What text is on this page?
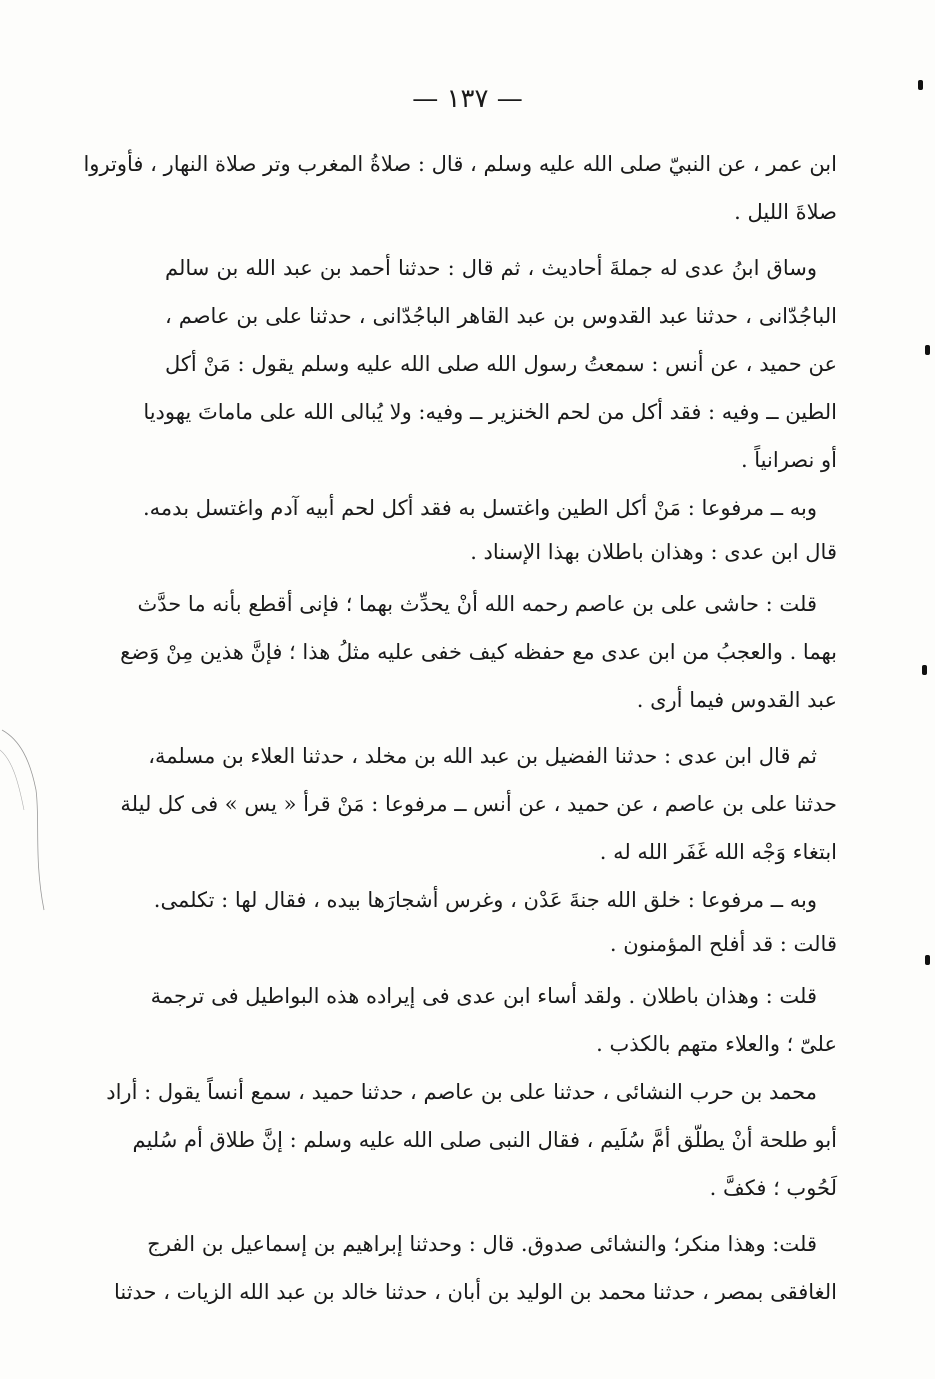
— ١٣٧ —
ابن عمر ، عن النبيّ صلى الله عليه وسلم ، قال : صلاةُ المغرب وتر صلاة النهار ، فأوتروا
صلاةَ الليل .
وساق ابنُ عدى له جملةَ أحاديث ، ثم قال : حدثنا أحمد بن عبد الله بن سالم
الباجُدّانى ، حدثنا عبد القدوس بن عبد القاهر الباجُدّانى ، حدثنا على بن عاصم ،
عن حميد ، عن أنس : سمعتُ رسول الله صلى الله عليه وسلم يقول : مَنْ أكل
الطين ــ وفيه : فقد أكل من لحم الخنزير ــ وفيه: ولا يُبالى الله على ماماتَ يهوديا
أو نصرانياً .
وبه ــ مرفوعا : مَنْ أكل الطين واغتسل به فقد أكل لحم أبيه آدم واغتسل بدمه.
قال ابن عدى : وهذان باطلان بهذا الإسناد .
قلت : حاشى على بن عاصم رحمه الله أنْ يحدِّث بهما ؛ فإنى أقطع بأنه ما حدَّث
بهما . والعجبُ من ابن عدى مع حفظه كيف خفى عليه مثلُ هذا ؛ فإنَّ هذين مِنْ وَضع
عبد القدوس فيما أرى .
ثم قال ابن عدى : حدثنا الفضيل بن عبد الله بن مخلد ، حدثنا العلاء بن مسلمة،
حدثنا على بن عاصم ، عن حميد ، عن أنس ــ مرفوعا : مَنْ قرأ « يس » فى كل ليلة
ابتغاء وَجْه الله غَفَر الله له .
وبه ــ مرفوعا : خلق الله جنةَ عَدْن ، وغرس أشجارَها بيده ، فقال لها : تكلمى.
قالت : قد أفلح المؤمنون .
قلت : وهذان باطلان . ولقد أساء ابن عدى فى إيراده هذه البواطيل فى ترجمة
علىّ ؛ والعلاء متهم بالكذب .
محمد بن حرب النشائى ، حدثنا على بن عاصم ، حدثنا حميد ، سمع أنساً يقول : أراد
أبو طلحة أنْ يطلّق أمَّ سُلَيم ، فقال النبى صلى الله عليه وسلم : إنَّ طلاق أم سُليم
لَحُوب ؛ فكفَّ .
قلت: وهذا منكر؛ والنشائى صدوق. قال : وحدثنا إبراهيم بن إسماعيل بن الفرج
الغافقى بمصر ، حدثنا محمد بن الوليد بن أبان ، حدثنا خالد بن عبد الله الزيات ، حدثنا
